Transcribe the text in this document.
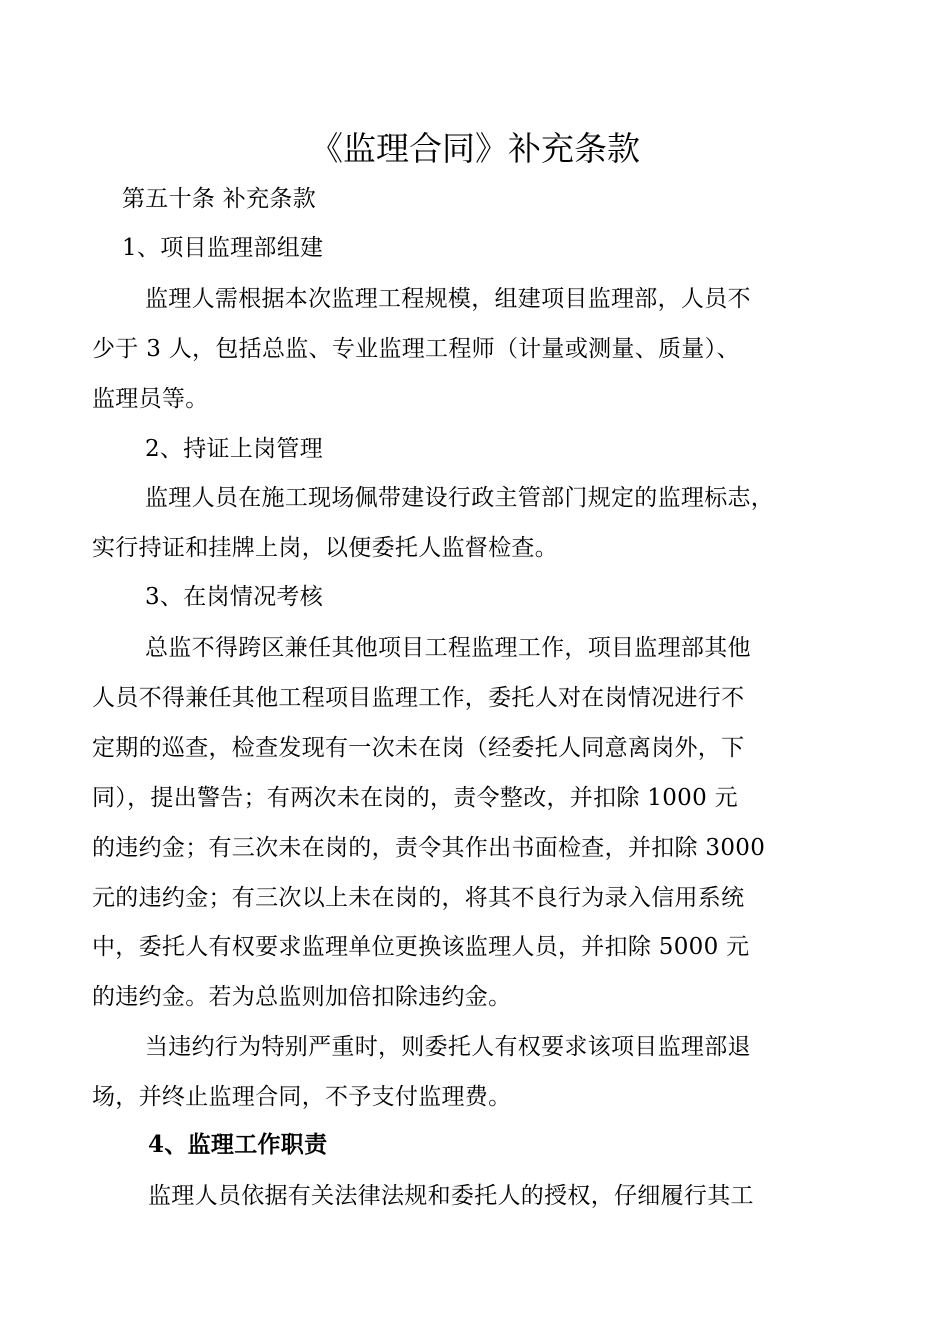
《监理合同》补充条款
第五十条 补充条款
1、项目监理部组建
监理人需根据本次监理工程规模，组建项目监理部，人员不
少于 3 人，包括总监、专业监理工程师（计量或测量、质量）、
监理员等。
2、持证上岗管理
监理人员在施工现场佩带建设行政主管部门规定的监理标志，
实行持证和挂牌上岗，以便委托人监督检查。
3、在岗情况考核
总监不得跨区兼任其他项目工程监理工作，项目监理部其他
人员不得兼任其他工程项目监理工作，委托人对在岗情况进行不
定期的巡查，检查发现有一次未在岗（经委托人同意离岗外，下
同），提出警告；有两次未在岗的，责令整改，并扣除 1000 元
的违约金；有三次未在岗的，责令其作出书面检查，并扣除 3000
元的违约金；有三次以上未在岗的，将其不良行为录入信用系统
中，委托人有权要求监理单位更换该监理人员，并扣除 5000 元
的违约金。若为总监则加倍扣除违约金。
当违约行为特别严重时，则委托人有权要求该项目监理部退
场，并终止监理合同，不予支付监理费。
4、监理工作职责
监理人员依据有关法律法规和委托人的授权，仔细履行其工
